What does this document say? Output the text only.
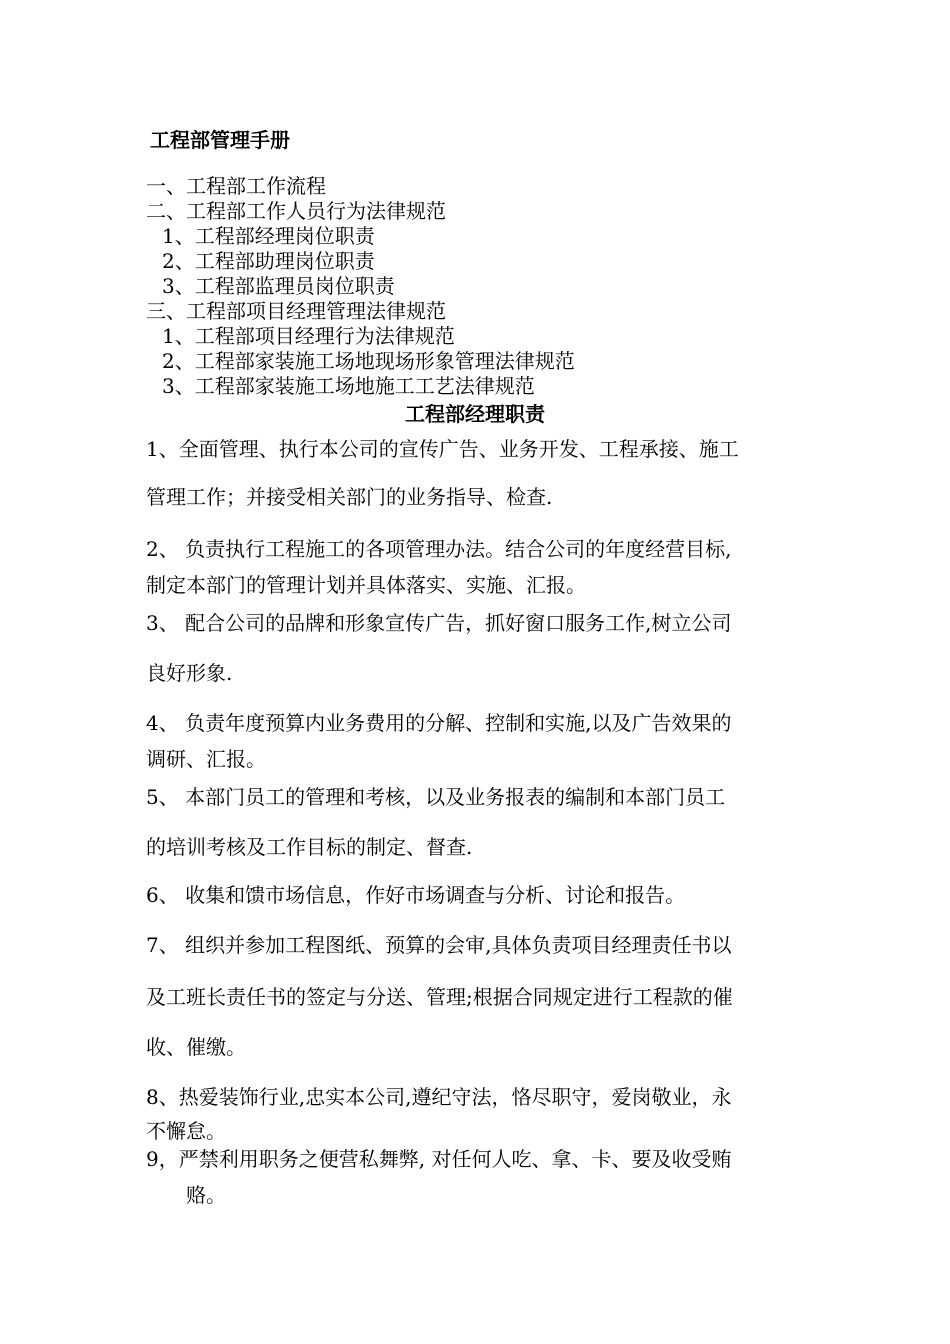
工程部管理手册
一、工程部工作流程
二、工程部工作人员行为法律规范
1、工程部经理岗位职责
2、工程部助理岗位职责
3、工程部监理员岗位职责
三、工程部项目经理管理法律规范
1、工程部项目经理行为法律规范
2、工程部家装施工场地现场形象管理法律规范
3、工程部家装施工场地施工工艺法律规范
工程部经理职责
1、全面管理、执行本公司的宣传广告、业务开发、工程承接、施工
管理工作；并接受相关部门的业务指导、检查.
2、 负责执行工程施工的各项管理办法。结合公司的年度经营目标,
制定本部门的管理计划并具体落实、实施、汇报。
3、 配合公司的品牌和形象宣传广告，抓好窗口服务工作,树立公司
良好形象.
4、 负责年度预算内业务费用的分解、控制和实施,以及广告效果的
调研、汇报。
5、 本部门员工的管理和考核，以及业务报表的编制和本部门员工
的培训考核及工作目标的制定、督查.
6、 收集和馈市场信息，作好市场调查与分析、讨论和报告。
7、 组织并参加工程图纸、预算的会审,具体负责项目经理责任书以
及工班长责任书的签定与分送、管理;根据合同规定进行工程款的催
收、催缴。
8、热爱装饰行业,忠实本公司,遵纪守法，恪尽职守，爱岗敬业，永
不懈怠。
9，严禁利用职务之便营私舞弊, 对任何人吃、拿、卡、要及收受贿
赂。
